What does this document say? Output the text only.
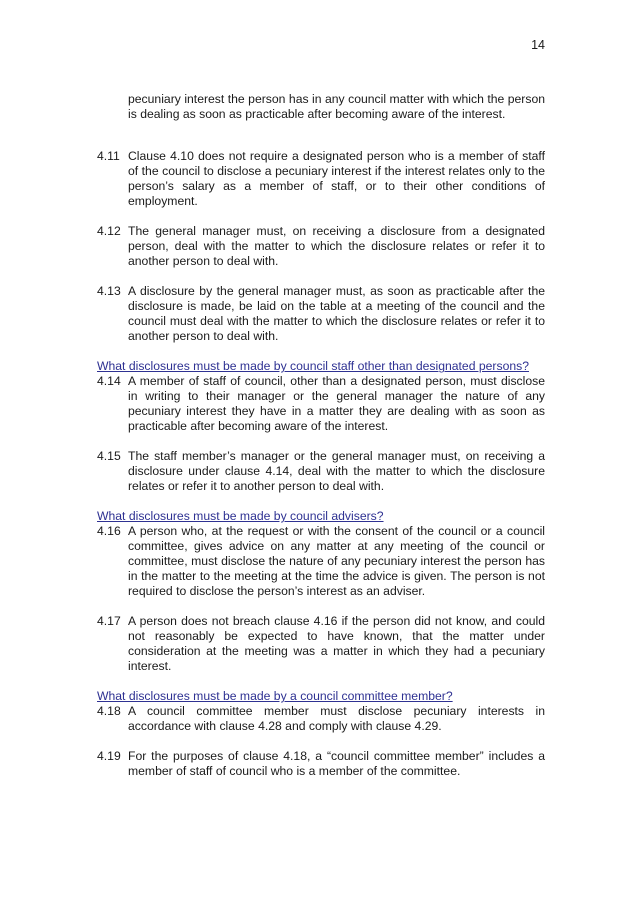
14

pecuniary interest the person has in any council matter with which the person is dealing as soon as practicable after becoming aware of the interest.

4.11 Clause 4.10 does not require a designated person who is a member of staff of the council to disclose a pecuniary interest if the interest relates only to the person’s salary as a member of staff, or to their other conditions of employment.
4.12 The general manager must, on receiving a disclosure from a designated person, deal with the matter to which the disclosure relates or refer it to another person to deal with.
4.13 A disclosure by the general manager must, as soon as practicable after the disclosure is made, be laid on the table at a meeting of the council and the council must deal with the matter to which the disclosure relates or refer it to another person to deal with.

What disclosures must be made by council staff other than designated persons?

4.14 A member of staff of council, other than a designated person, must disclose in writing to their manager or the general manager the nature of any pecuniary interest they have in a matter they are dealing with as soon as practicable after becoming aware of the interest.
4.15 The staff member’s manager or the general manager must, on receiving a disclosure under clause 4.14, deal with the matter to which the disclosure relates or refer it to another person to deal with.

What disclosures must be made by council advisers?

4.16 A person who, at the request or with the consent of the council or a council committee, gives advice on any matter at any meeting of the council or committee, must disclose the nature of any pecuniary interest the person has in the matter to the meeting at the time the advice is given. The person is not required to disclose the person’s interest as an adviser.
4.17 A person does not breach clause 4.16 if the person did not know, and could not reasonably be expected to have known, that the matter under consideration at the meeting was a matter in which they had a pecuniary interest.

What disclosures must be made by a council committee member?

4.18 A council committee member must disclose pecuniary interests in accordance with clause 4.28 and comply with clause 4.29.
4.19 For the purposes of clause 4.18, a “council committee member” includes a member of staff of council who is a member of the committee.
